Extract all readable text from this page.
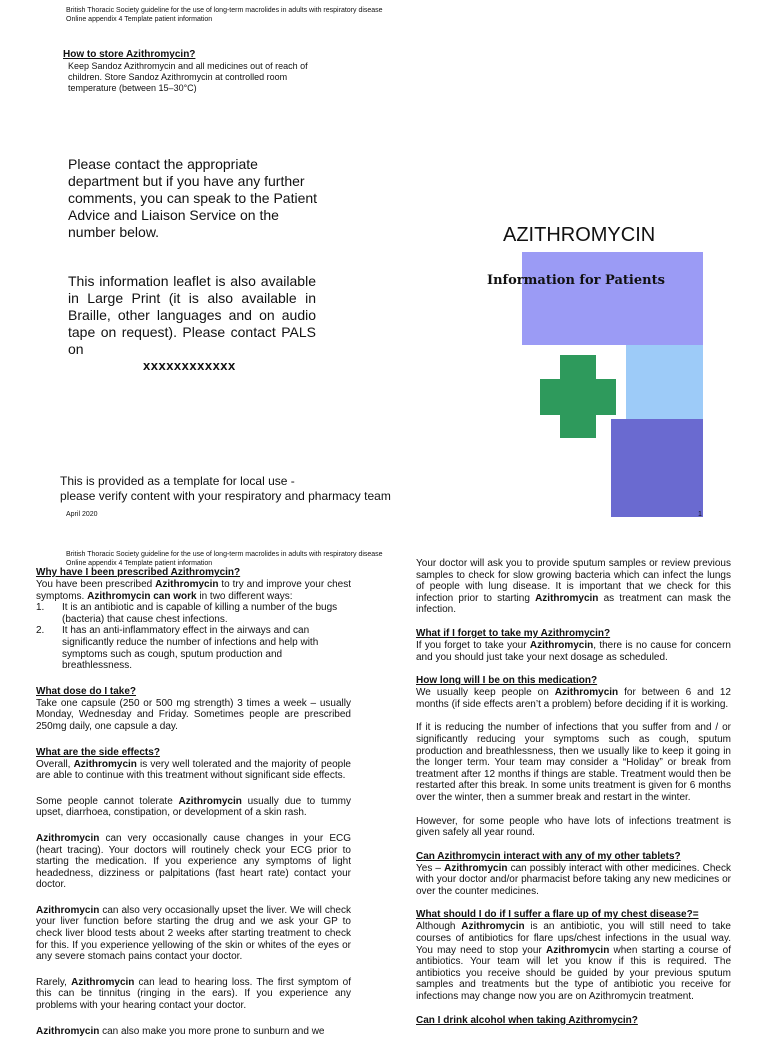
British Thoracic Society guideline for the use of long-term macrolides in adults with respiratory disease
Online appendix 4 Template patient information
How to store Azithromycin?
Keep Sandoz Azithromycin and all medicines out of reach of children. Store Sandoz Azithromycin at controlled room temperature (between 15–30°C)
Please contact the appropriate department but if you have any further comments, you can speak to the Patient Advice and Liaison Service on the number below.
This information leaflet is also available in Large Print (it is also available in Braille, other languages and on audio tape on request). Please contact PALS on
xxxxxxxxxxxx
AZITHROMYCIN
Information for Patients
This is provided as a template for local use -
please verify content with your respiratory and pharmacy team
April 2020	1
British Thoracic Society guideline for the use of long-term macrolides in adults with respiratory disease
Online appendix 4 Template patient information
Why have I been prescribed Azithromycin?

You have been prescribed Azithromycin to try and improve your chest symptoms. Azithromycin can work in two different ways:

1. It is an antibiotic and is capable of killing a number of the bugs (bacteria) that cause chest infections.
2. It has an anti-inflammatory effect in the airways and can significantly reduce the number of infections and help with symptoms such as cough, sputum production and breathlessness.
What dose do I take?

Take one capsule (250 or 500 mg strength) 3 times a week – usually Monday, Wednesday and Friday. Sometimes people are prescribed 250mg daily, one capsule a day.

What are the side effects?

Overall, Azithromycin is very well tolerated and the majority of people are able to continue with this treatment without significant side effects.

Some people cannot tolerate Azithromycin usually due to tummy upset, diarrhoea, constipation, or development of a skin rash.

Azithromycin can very occasionally cause changes in your ECG (heart tracing). Your doctors will routinely check your ECG prior to starting the medication. If you experience any symptoms of light headedness, dizziness or palpitations (fast heart rate) contact your doctor.

Azithromycin can also very occasionally upset the liver. We will check your liver function before starting the drug and we ask your GP to check liver blood tests about 2 weeks after starting treatment to check for this. If you experience yellowing of the skin or whites of the eyes or any severe stomach pains contact your doctor.

Rarely, Azithromycin can lead to hearing loss. The first symptom of this can be tinnitus (ringing in the ears). If you experience any problems with your hearing contact your doctor.

Azithromycin can also make you more prone to sunburn and we

Your doctor will ask you to provide sputum samples or review previous samples to check for slow growing bacteria which can infect the lungs of people with lung disease. It is important that we check for this infection prior to starting Azithromycin as treatment can mask the infection.

What if I forget to take my Azithromycin?

If you forget to take your Azithromycin, there is no cause for concern and you should just take your next dosage as scheduled.

How long will I be on this medication?

We usually keep people on Azithromycin for between 6 and 12 months (if side effects aren’t a problem) before deciding if it is working.

If it is reducing the number of infections that you suffer from and / or significantly reducing your symptoms such as cough, sputum production and breathlessness, then we usually like to keep it going in the longer term. Your team may consider a “Holiday” or break from treatment after 12 months if things are stable. Treatment would then be restarted after this break. In some units treatment is given for 6 months over the winter, then a summer break and restart in the winter.

However, for some people who have lots of infections treatment is given safely all year round.

Can Azithromycin interact with any of my other tablets?

Yes – Azithromycin can possibly interact with other medicines. Check with your doctor and/or pharmacist before taking any new medicines or over the counter medicines.

What should I do if I suffer a flare up of my chest disease?=

Although Azithromycin is an antibiotic, you will still need to take courses of antibiotics for flare ups/chest infections in the usual way. You may need to stop your Azithromycin when starting a course of antibiotics. Your team will let you know if this is required. The antibiotics you receive should be guided by your previous sputum samples and treatments but the type of antibiotic you receive for infections may change now you are on Azithromycin treatment.

Can I drink alcohol when taking Azithromycin?
